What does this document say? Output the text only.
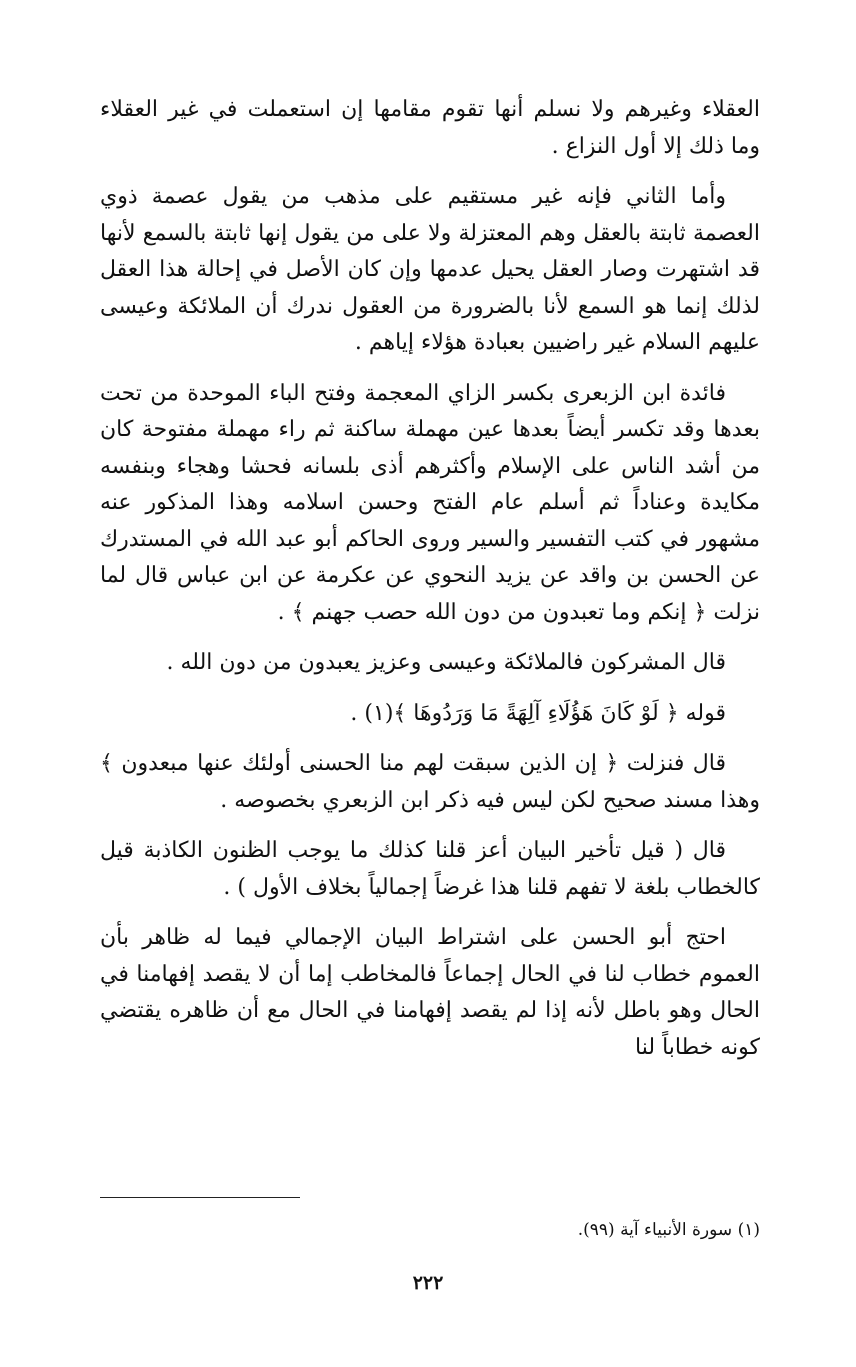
العقلاء وغيرهم ولا نسلم أنها تقوم مقامها إن استعملت في غير العقلاء وما ذلك إلا أول النزاع .

وأما الثاني فإنه غير مستقيم على مذهب من يقول عصمة ذوي العصمة ثابتة بالعقل وهم المعتزلة ولا على من يقول إنها ثابتة بالسمع لأنها قد اشتهرت وصار العقل يحيل عدمها وإن كان الأصل في إحالة هذا العقل لذلك إنما هو السمع لأنا بالضرورة من العقول ندرك أن الملائكة وعيسى عليهم السلام غير راضيين بعبادة هؤلاء إياهم .

فائدة ابن الزبعرى بكسر الزاي المعجمة وفتح الباء الموحدة من تحت بعدها وقد تكسر أيضاً بعدها عين مهملة ساكنة ثم راء مهملة مفتوحة كان من أشد الناس على الإسلام وأكثرهم أذى بلسانه فحشا وهجاء وبنفسه مكايدة وعناداً ثم أسلم عام الفتح وحسن اسلامه وهذا المذكور عنه مشهور في كتب التفسير والسير وروى الحاكم أبو عبد الله في المستدرك عن الحسن بن واقد عن يزيد النحوي عن عكرمة عن ابن عباس قال لما نزلت ﴿ إنكم وما تعبدون من دون الله حصب جهنم ﴾ .

قال المشركون فالملائكة وعيسى وعزيز يعبدون من دون الله .

قوله ﴿ لَوْ كَانَ هَؤُلَاءِ آلِهَةً مَا وَرَدُوهَا ﴾(١) .

قال فنزلت ﴿ إن الذين سبقت لهم منا الحسنى أولئك عنها مبعدون ﴾ وهذا مسند صحيح لكن ليس فيه ذكر ابن الزبعري بخصوصه .

قال ( قيل تأخير البيان أعز قلنا كذلك ما يوجب الظنون الكاذبة قيل كالخطاب بلغة لا تفهم قلنا هذا غرضاً إجمالياً بخلاف الأول ) .

احتج أبو الحسن على اشتراط البيان الإجمالي فيما له ظاهر بأن العموم خطاب لنا في الحال إجماعاً فالمخاطب إما أن لا يقصد إفهامنا في الحال وهو باطل لأنه إذا لم يقصد إفهامنا في الحال مع أن ظاهره يقتضي كونه خطاباً لنا

(١) سورة الأنبياء آية (٩٩).
٢٢٢
